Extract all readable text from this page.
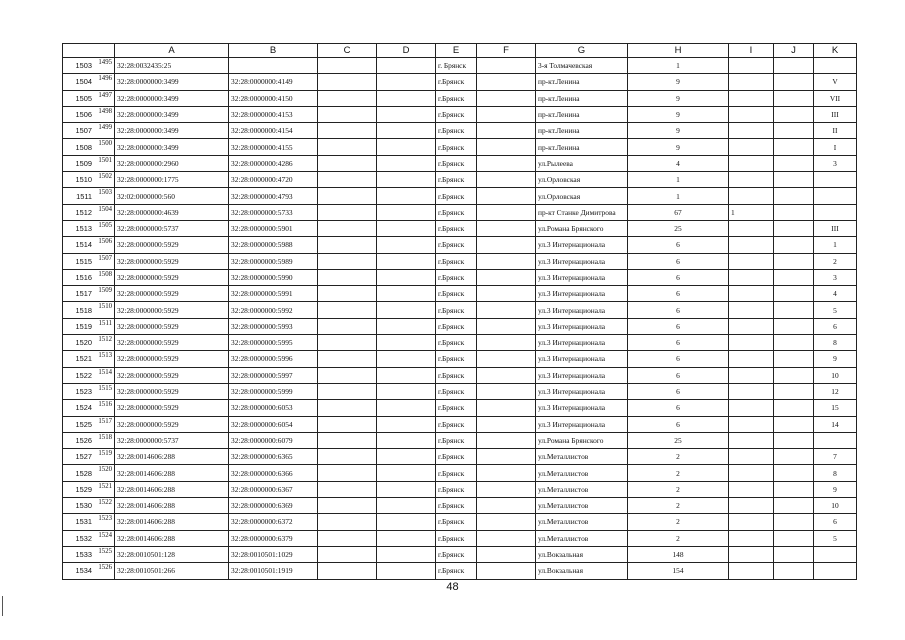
	A	B	C	D	E	F	G	H	I	J	K
1503 1495	32:28:0032435:25				г. Брянск		3-я Толмачевская	1			
1504 1496	32:28:0000000:3499	32:28:0000000:4149			г.Брянск		пр-кт.Ленина	9			V
1505 1497	32:28:0000000:3499	32:28:0000000:4150			г.Брянск		пр-кт.Ленина	9			VII
1506 1498	32:28:0000000:3499	32:28:0000000:4153			г.Брянск		пр-кт.Ленина	9			III
1507 1499	32:28:0000000:3499	32:28:0000000:4154			г.Брянск		пр-кт.Ленина	9			II
1508 1500	32:28:0000000:3499	32:28:0000000:4155			г.Брянск		пр-кт.Ленина	9			I
1509 1501	32:28:0000000:2960	32:28:0000000:4286			г.Брянск		ул.Рылеева	4			3
1510 1502	32:28:0000000:1775	32:28:0000000:4720			г.Брянск		ул.Орловская	1			
1511 1503	32:02:0000000:560	32:28:0000000:4793			г.Брянск		ул.Орловская	1			
1512 1504	32:28:0000000:4639	32:28:0000000:5733			г.Брянск		пр-кт Станке Димитрова	67	1		
1513 1505	32:28:0000000:5737	32:28:0000000:5901			г.Брянск		ул.Романа Брянского	25			III
1514 1506	32:28:0000000:5929	32:28:0000000:5988			г.Брянск		ул.3 Интернационала	6			1
1515 1507	32:28:0000000:5929	32:28:0000000:5989			г.Брянск		ул.3 Интернационала	6			2
1516 1508	32:28:0000000:5929	32:28:0000000:5990			г.Брянск		ул.3 Интернационала	6			3
1517 1509	32:28:0000000:5929	32:28:0000000:5991			г.Брянск		ул.3 Интернационала	6			4
1518 1510	32:28:0000000:5929	32:28:0000000:5992			г.Брянск		ул.3 Интернационала	6			5
1519 1511	32:28:0000000:5929	32:28:0000000:5993			г.Брянск		ул.3 Интернационала	6			6
1520 1512	32:28:0000000:5929	32:28:0000000:5995			г.Брянск		ул.3 Интернационала	6			8
1521 1513	32:28:0000000:5929	32:28:0000000:5996			г.Брянск		ул.3 Интернационала	6			9
1522 1514	32:28:0000000:5929	32:28:0000000:5997			г.Брянск		ул.3 Интернационала	6			10
1523 1515	32:28:0000000:5929	32:28:0000000:5999			г.Брянск		ул.3 Интернационала	6			12
1524 1516	32:28:0000000:5929	32:28:0000000:6053			г.Брянск		ул.3 Интернационала	6			15
1525 1517	32:28:0000000:5929	32:28:0000000:6054			г.Брянск		ул.3 Интернационала	6			14
1526 1518	32:28:0000000:5737	32:28:0000000:6079			г.Брянск		ул.Романа Брянского	25			
1527 1519	32:28:0014606:288	32:28:0000000:6365			г.Брянск		ул.Металлистов	2			7
1528 1520	32:28:0014606:288	32:28:0000000:6366			г.Брянск		ул.Металлистов	2			8
1529 1521	32:28:0014606:288	32:28:0000000:6367			г.Брянск		ул.Металлистов	2			9
1530 1522	32:28:0014606:288	32:28:0000000:6369			г.Брянск		ул.Металлистов	2			10
1531 1523	32:28:0014606:288	32:28:0000000:6372			г.Брянск		ул.Металлистов	2			6
1532 1524	32:28:0014606:288	32:28:0000000:6379			г.Брянск		ул.Металлистов	2			5
1533 1525	32:28:0010501:128	32:28:0010501:1029			г.Брянск		ул.Вокзальная	148			
1534 1526	32:28:0010501:266	32:28:0010501:1919			г.Брянск		ул.Вокзальная	154			
48
